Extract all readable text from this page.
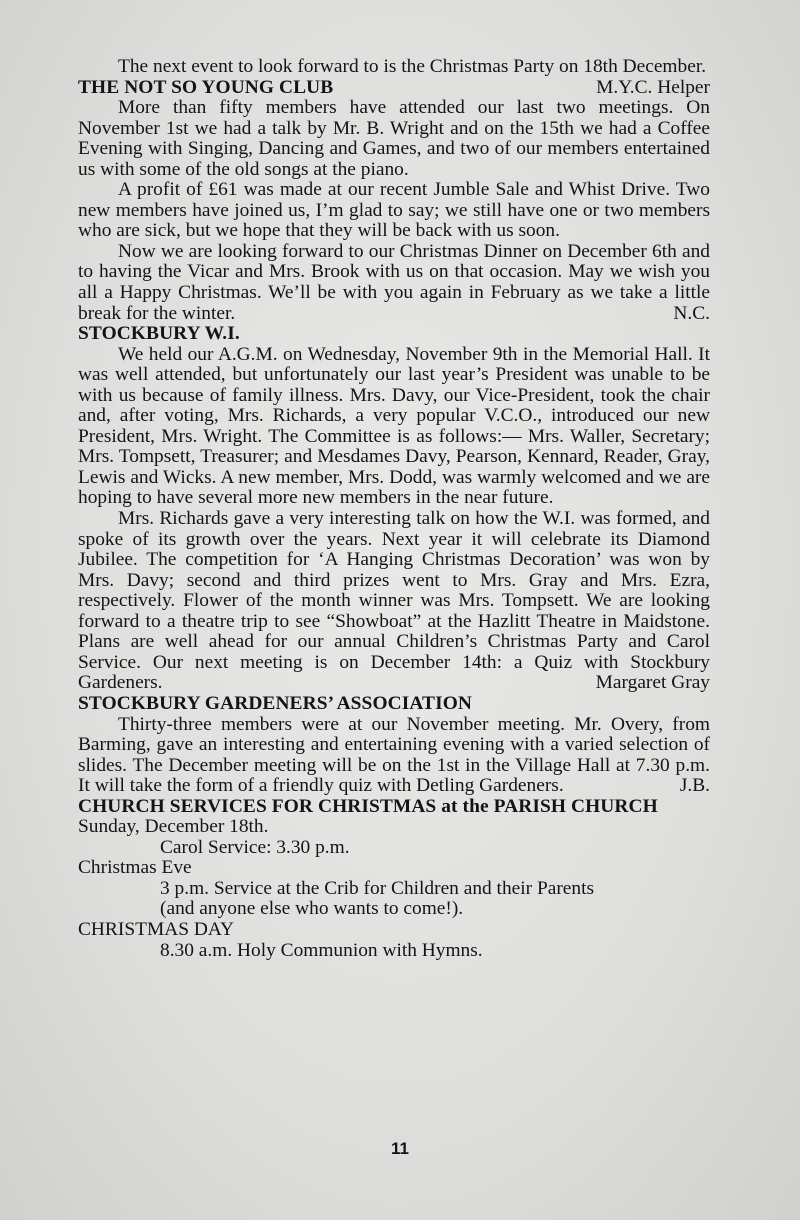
The next event to look forward to is the Christmas Party on 18th December.
M.Y.C. Helper

THE NOT SO YOUNG CLUB

More than fifty members have attended our last two meetings. On November 1st we had a talk by Mr. B. Wright and on the 15th we had a Coffee Evening with Singing, Dancing and Games, and two of our members entertained us with some of the old songs at the piano.

A profit of £61 was made at our recent Jumble Sale and Whist Drive. Two new members have joined us, I’m glad to say; we still have one or two members who are sick, but we hope that they will be back with us soon.

Now we are looking forward to our Christmas Dinner on December 6th and to having the Vicar and Mrs. Brook with us on that occasion. May we wish you all a Happy Christmas. We’ll be with you again in February as we take a little break for the winter.	N.C.

STOCKBURY W.I.

We held our A.G.M. on Wednesday, November 9th in the Memorial Hall. It was well attended, but unfortunately our last year’s President was unable to be with us because of family illness. Mrs. Davy, our Vice-President, took the chair and, after voting, Mrs. Richards, a very popular V.C.O., introduced our new President, Mrs. Wright. The Committee is as follows:— Mrs. Waller, Secretary; Mrs. Tompsett, Treasurer; and Mesdames Davy, Pearson, Kennard, Reader, Gray, Lewis and Wicks. A new member, Mrs. Dodd, was warmly welcomed and we are hoping to have several more new members in the near future.

Mrs. Richards gave a very interesting talk on how the W.I. was formed, and spoke of its growth over the years. Next year it will celebrate its Diamond Jubilee. The competition for ‘A Hanging Christmas Decoration’ was won by Mrs. Davy; second and third prizes went to Mrs. Gray and Mrs. Ezra, respectively. Flower of the month winner was Mrs. Tompsett. We are looking forward to a theatre trip to see “Showboat” at the Hazlitt Theatre in Maidstone. Plans are well ahead for our annual Children’s Christmas Party and Carol Service. Our next meeting is on December 14th: a Quiz with Stockbury Gardeners.	Margaret Gray

STOCKBURY GARDENERS’ ASSOCIATION

Thirty-three members were at our November meeting. Mr. Overy, from Barming, gave an interesting and entertaining evening with a varied selection of slides. The December meeting will be on the 1st in the Village Hall at 7.30 p.m. It will take the form of a friendly quiz with Detling Gardeners.	J.B.

CHURCH SERVICES FOR CHRISTMAS at the PARISH CHURCH

Sunday, December 18th.

Carol Service: 3.30 p.m.

Christmas Eve

3 p.m. Service at the Crib for Children and their Parents

(and anyone else who wants to come!).

CHRISTMAS DAY

8.30 a.m. Holy Communion with Hymns.

11
